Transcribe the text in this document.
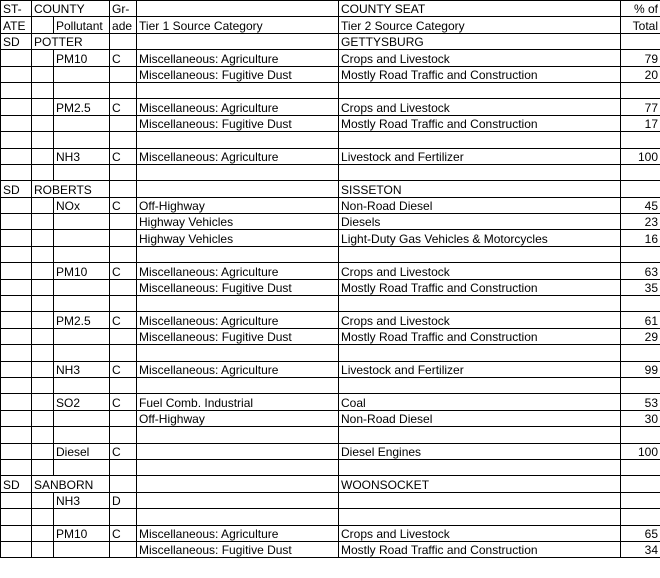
ST-	COUNTY		Gr-		COUNTY SEAT	% of
ATE		Pollutant	ade	Tier 1 Source Category	Tier 2 Source Category	Total
SD	POTTER				GETTYSBURG	
		PM10	C	Miscellaneous: Agriculture	Crops and Livestock	79
				Miscellaneous: Fugitive Dust	Mostly Road Traffic and Construction	20

		PM2.5	C	Miscellaneous: Agriculture	Crops and Livestock	77
				Miscellaneous: Fugitive Dust	Mostly Road Traffic and Construction	17

		NH3	C	Miscellaneous: Agriculture	Livestock and Fertilizer	100

SD	ROBERTS				SISSETON	
		NOx	C	Off-Highway	Non-Road Diesel	45
				Highway Vehicles	Diesels	23
				Highway Vehicles	Light-Duty Gas Vehicles & Motorcycles	16

		PM10	C	Miscellaneous: Agriculture	Crops and Livestock	63
				Miscellaneous: Fugitive Dust	Mostly Road Traffic and Construction	35

		PM2.5	C	Miscellaneous: Agriculture	Crops and Livestock	61
				Miscellaneous: Fugitive Dust	Mostly Road Traffic and Construction	29

		NH3	C	Miscellaneous: Agriculture	Livestock and Fertilizer	99

		SO2	C	Fuel Comb. Industrial	Coal	53
				Off-Highway	Non-Road Diesel	30

		Diesel	C		Diesel Engines	100

SD	SANBORN				WOONSOCKET	
		NH3	D			

		PM10	C	Miscellaneous: Agriculture	Crops and Livestock	65
				Miscellaneous: Fugitive Dust	Mostly Road Traffic and Construction	34
